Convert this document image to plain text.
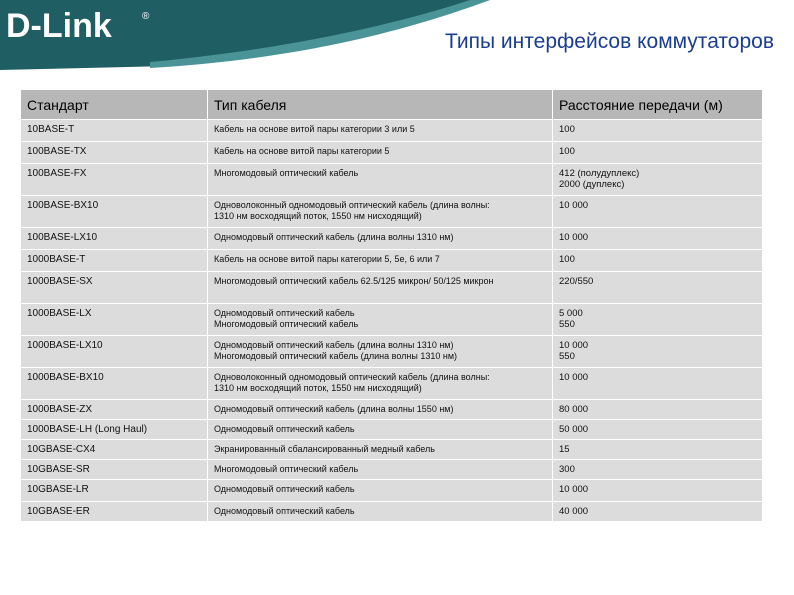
D-Link	®
Типы интерфейсов коммутаторов
Стандарт	Тип кабеля	Расстояние передачи (м)
10BASE-T	Кабель на основе витой пары категории 3 или 5	100

100BASE-TX	Кабель на основе витой пары категории 5	100

100BASE-FX	Многомодовый оптический кабель	412 (полудуплекс)
2000 (дуплекс)

100BASE-BX10	Одноволоконный одномодовый оптический кабель (длина волны:
1310 нм восходящий поток, 1550 нм нисходящий)	10 000

100BASE-LX10	Одномодовый оптический кабель (длина волны 1310 нм)	10 000

1000BASE-T	Кабель на основе витой пары категории 5, 5e, 6 или 7	100

1000BASE-SX	Многомодовый оптический кабель 62.5/125 микрон/ 50/125 микрон	220/550

1000BASE-LX	Одномодовый оптический кабель
Многомодовый оптический кабель	5 000
550

1000BASE-LX10	Одномодовый оптический кабель (длина волны 1310 нм)
Многомодовый оптический кабель (длина волны 1310 нм)	10 000
550

1000BASE-BX10	Одноволоконный одномодовый оптический кабель (длина волны:
1310 нм восходящий поток, 1550 нм нисходящий)	10 000

1000BASE-ZX	Одномодовый оптический кабель (длина волны 1550 нм)	80 000

1000BASE-LH (Long Haul)	Одномодовый оптический кабель	50 000

10GBASE-CX4	Экранированный сбалансированный медный кабель	15

10GBASE-SR	Многомодовый оптический кабель	300

10GBASE-LR	Одномодовый оптический кабель	10 000

10GBASE-ER	Одномодовый оптический кабель	40 000
